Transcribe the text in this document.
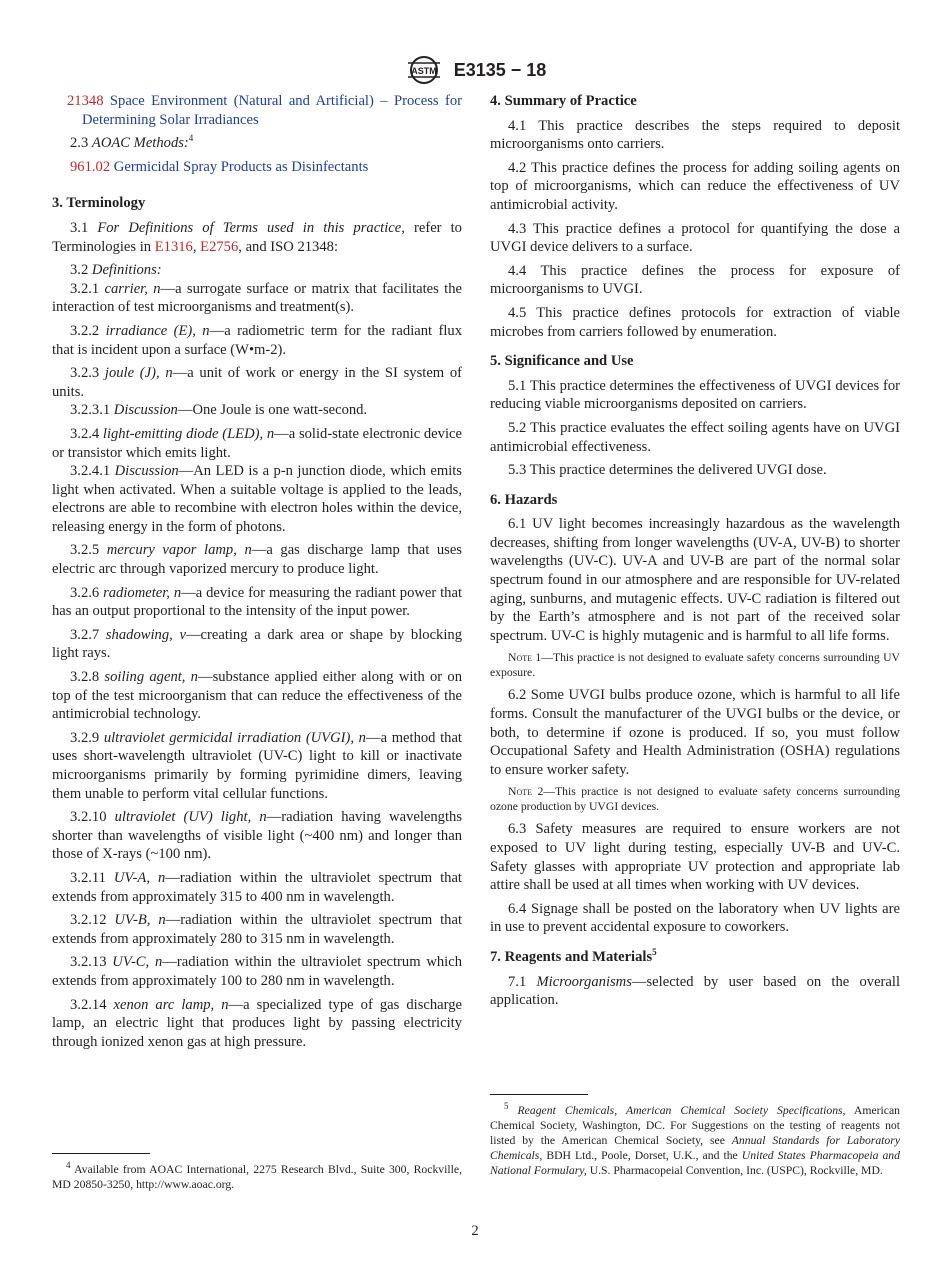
ASTM E3135 − 18

21348 Space Environment (Natural and Artificial) – Process for Determining Solar Irradiances

2.3 AOAC Methods:$^4$

961.02 Germicidal Spray Products as Disinfectants

3. Terminology

3.1 For Definitions of Terms used in this practice, refer to Terminologies in E1316, E2756, and ISO 21348:

3.2 Definitions:

3.2.1 carrier, n—a surrogate surface or matrix that facilitates the interaction of test microorganisms and treatment(s).

3.2.2 irradiance (E), n—a radiometric term for the radiant flux that is incident upon a surface (W•m-2).

3.2.3 joule (J), n—a unit of work or energy in the SI system of units.

3.2.3.1 Discussion—One Joule is one watt-second.

3.2.4 light-emitting diode (LED), n—a solid-state electronic device or transistor which emits light.

3.2.4.1 Discussion—An LED is a p-n junction diode, which emits light when activated. When a suitable voltage is applied to the leads, electrons are able to recombine with electron holes within the device, releasing energy in the form of photons.

3.2.5 mercury vapor lamp, n—a gas discharge lamp that uses electric arc through vaporized mercury to produce light.

3.2.6 radiometer, n—a device for measuring the radiant power that has an output proportional to the intensity of the input power.

3.2.7 shadowing, v—creating a dark area or shape by blocking light rays.

3.2.8 soiling agent, n—substance applied either along with or on top of the test microorganism that can reduce the effectiveness of the antimicrobial technology.

3.2.9 ultraviolet germicidal irradiation (UVGI), n—a method that uses short-wavelength ultraviolet (UV-C) light to kill or inactivate microorganisms primarily by forming pyrimidine dimers, leaving them unable to perform vital cellular functions.

3.2.10 ultraviolet (UV) light, n—radiation having wavelengths shorter than wavelengths of visible light (~400 nm) and longer than those of X-rays (~100 nm).

3.2.11 UV-A, n—radiation within the ultraviolet spectrum that extends from approximately 315 to 400 nm in wavelength.

3.2.12 UV-B, n—radiation within the ultraviolet spectrum that extends from approximately 280 to 315 nm in wavelength.

3.2.13 UV-C, n—radiation within the ultraviolet spectrum which extends from approximately 100 to 280 nm in wavelength.

3.2.14 xenon arc lamp, n—a specialized type of gas discharge lamp, an electric light that produces light by passing electricity through ionized xenon gas at high pressure.

$^4$ Available from AOAC International, 2275 Research Blvd., Suite 300, Rockville, MD 20850-3250, http://www.aoac.org.

4. Summary of Practice

4.1 This practice describes the steps required to deposit microorganisms onto carriers.

4.2 This practice defines the process for adding soiling agents on top of microorganisms, which can reduce the effectiveness of UV antimicrobial activity.

4.3 This practice defines a protocol for quantifying the dose a UVGI device delivers to a surface.

4.4 This practice defines the process for exposure of microorganisms to UVGI.

4.5 This practice defines protocols for extraction of viable microbes from carriers followed by enumeration.

5. Significance and Use

5.1 This practice determines the effectiveness of UVGI devices for reducing viable microorganisms deposited on carriers.

5.2 This practice evaluates the effect soiling agents have on UVGI antimicrobial effectiveness.

5.3 This practice determines the delivered UVGI dose.

6. Hazards

6.1 UV light becomes increasingly hazardous as the wavelength decreases, shifting from longer wavelengths (UV-A, UV-B) to shorter wavelengths (UV-C). UV-A and UV-B are part of the normal solar spectrum found in our atmosphere and are responsible for UV-related aging, sunburns, and mutagenic effects. UV-C radiation is filtered out by the Earth’s atmosphere and is not part of the received solar spectrum. UV-C is highly mutagenic and is harmful to all life forms.

Note 1—This practice is not designed to evaluate safety concerns surrounding UV exposure.

6.2 Some UVGI bulbs produce ozone, which is harmful to all life forms. Consult the manufacturer of the UVGI bulbs or the device, or both, to determine if ozone is produced. If so, you must follow Occupational Safety and Health Administration (OSHA) regulations to ensure worker safety.

Note 2—This practice is not designed to evaluate safety concerns surrounding ozone production by UVGI devices.

6.3 Safety measures are required to ensure workers are not exposed to UV light during testing, especially UV-B and UV-C. Safety glasses with appropriate UV protection and appropriate lab attire shall be used at all times when working with UV devices.

6.4 Signage shall be posted on the laboratory when UV lights are in use to prevent accidental exposure to coworkers.

7. Reagents and Materials$^5$

7.1 Microorganisms—selected by user based on the overall application.

$^5$ Reagent Chemicals, American Chemical Society Specifications, American Chemical Society, Washington, DC. For Suggestions on the testing of reagents not listed by the American Chemical Society, see Annual Standards for Laboratory Chemicals, BDH Ltd., Poole, Dorset, U.K., and the United States Pharmacopeia and National Formulary, U.S. Pharmacopeial Convention, Inc. (USPC), Rockville, MD.

2
